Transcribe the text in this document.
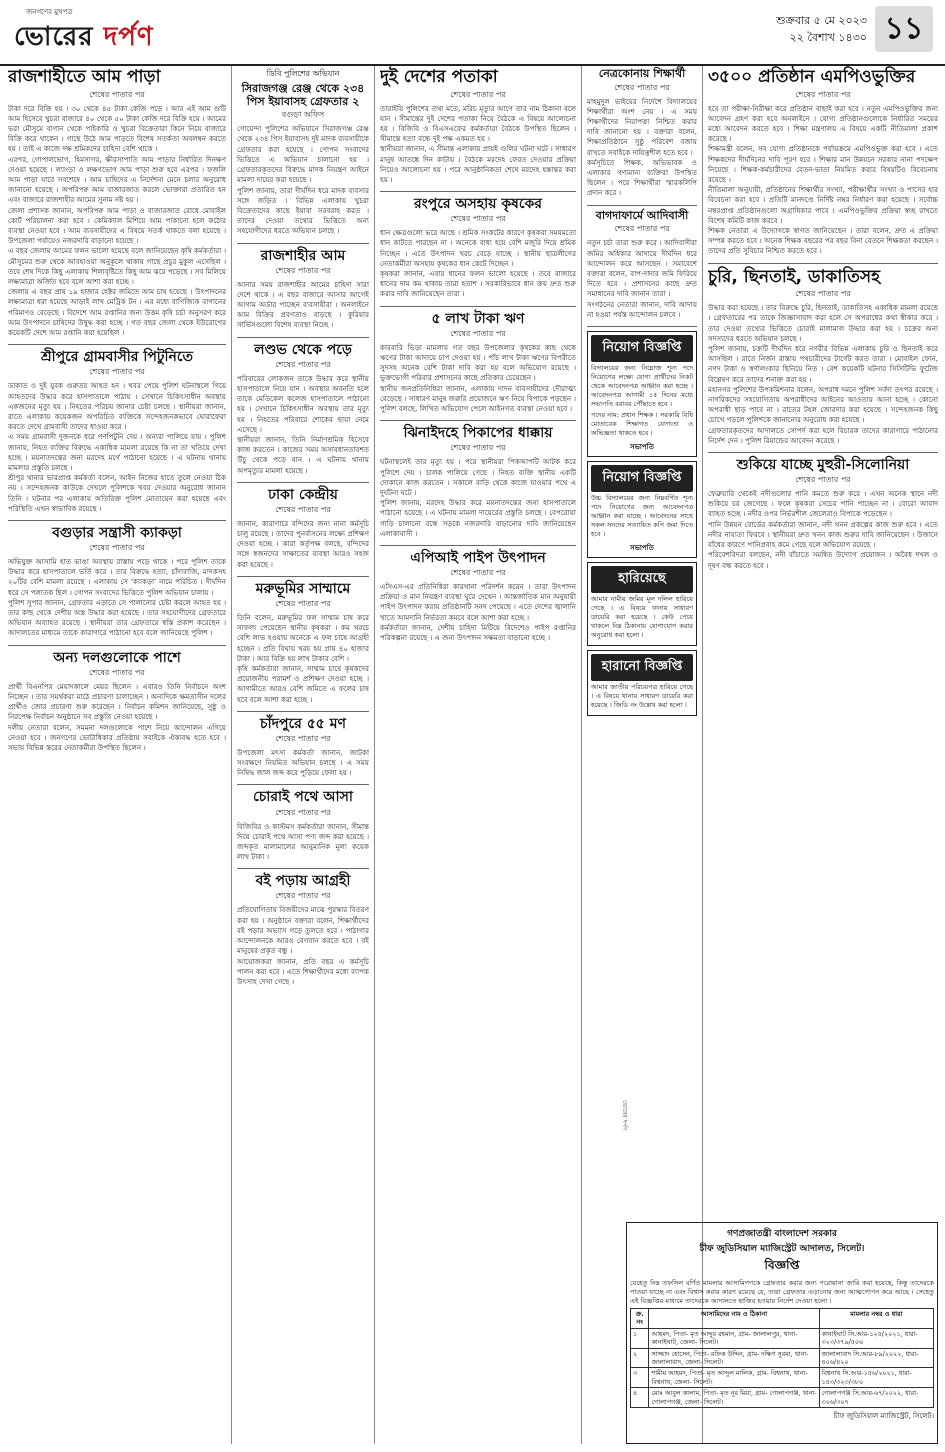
জনগণের মুখপত্র
ভোরের দর্পণ
শুক্রবার ৫ মে ২০২৩
২২ বৈশাখ ১৪৩০ ১১
রাজশাহীতে আম পাড়া
শেষের পাতার পর

টাকা দরে বিক্রি হয় । ৩০ থেকে ৪৫ টাকা কেজি পড়ে । আর এই আম গুটি আম হিসেবে খুচরা বাজারে ৪০ থেকে ৫০ টাকা কেজি দরে বিক্রি হয়ে । আমের ভরা মৌসুমে বাগান থেকে পাইকারি ও খুচরা বিক্রেতারা কিনে নিয়ে বাজারে বিক্রি করে থাকেন । গাছে উঠে আম পাড়তে বিশেষ সতর্কতা অবলম্বন করতে হয় । তাই এ কাজে দক্ষ শ্রমিকদের চাহিদা বেশি থাকে ।

এরপর, গোপালভোগ, হিমসাগর, ক্ষীরসাপাতি আম পাড়ার নির্ধারিত দিনক্ষণ দেওয়া হয়েছে । ল্যাংড়া ও লক্ষণভোগ আম পাড়া শুরু হবে এরপর । ফজলি আম পাড়া যাবে সবশেষে । আম চাষিদের এ নির্দেশনা মেনে চলার অনুরোধ জানানো হয়েছে । অপরিপক্ব আম বাজারজাত করলে ভোক্তারা প্রতারিত হন এবং বাজারে রাজশাহীর আমের সুনাম নষ্ট হয় ।

জেলা প্রশাসক জানান, অপরিপক্ব আম পাড়া ও বাজারজাত রোধে মোবাইল কোর্ট পরিচালনা করা হবে । কেমিক্যাল মিশিয়ে আম পাকানো হলে কঠোর ব্যবস্থা নেওয়া হবে । আম ব্যবসায়ীদের এ বিষয়ে সতর্ক থাকতে বলা হয়েছে । উপজেলা পর্যায়েও নজরদারি বাড়ানো হয়েছে ।

এ বছর জেলায় আমের ফলন ভালো হয়েছে বলে জানিয়েছেন কৃষি কর্মকর্তারা । মৌসুমের শুরু থেকে আবহাওয়া অনুকূলে থাকায় গাছে প্রচুর মুকুল এসেছিল । তবে শেষ দিকে কিছু এলাকায় শিলাবৃষ্টিতে কিছু আম ঝরে পড়েছে । সব মিলিয়ে লক্ষ্যমাত্রা অর্জিত হবে বলে আশা করা হচ্ছে ।

জেলায় এ বছর প্রায় ১৯ হাজার হেক্টর জমিতে আম চাষ হয়েছে । উৎপাদনের লক্ষ্যমাত্রা ধরা হয়েছে আড়াই লাখ মেট্রিক টন । এর মধ্যে বাণিজ্যিক বাগানের পরিমাণও বেড়েছে । বিদেশে আম রপ্তানির জন্য উত্তম কৃষি চর্চা অনুসরণ করে আম উৎপাদনে চাষিদের উদ্বুদ্ধ করা হচ্ছে । গত বছর জেলা থেকে ইউরোপের কয়েকটি দেশে আম রপ্তানি করা হয়েছিল ।

শ্রীপুরে গ্রামবাসীর পিটুনিতে
শেষের পাতার পর

ডাকাত ও দুই যুবক গুরুতর আহত হন । খবর পেয়ে পুলিশ ঘটনাস্থলে গিয়ে আহতদের উদ্ধার করে হাসপাতালে পাঠায় । সেখানে চিকিৎসাধীন অবস্থায় একজনের মৃত্যু হয় । নিহতের পরিচয় জানার চেষ্টা চলছে । স্থানীয়রা জানান, রাতে এলাকায় কয়েকজন অপরিচিত ব্যক্তিকে সন্দেহজনকভাবে ঘোরাফেরা করতে দেখে গ্রামবাসী তাদের ধাওয়া করে ।

এ সময় গ্রামবাসী দুজনকে ধরে গণপিটুনি দেয় । অন্যরা পালিয়ে যায় । পুলিশ জানায়, নিহত ব্যক্তির বিরুদ্ধে একাধিক মামলা রয়েছে কি না তা খতিয়ে দেখা হচ্ছে । ময়নাতদন্তের জন্য মরদেহ মর্গে পাঠানো হয়েছে । এ ঘটনায় থানায় মামলার প্রস্তুতি চলছে ।

শ্রীপুর থানার ভারপ্রাপ্ত কর্মকর্তা বলেন, আইন নিজের হাতে তুলে নেওয়া ঠিক নয় । সন্দেহজনক কাউকে দেখলে পুলিশকে খবর দেওয়ার অনুরোধ জানান তিনি । ঘটনার পর এলাকায় অতিরিক্ত পুলিশ মোতায়েন করা হয়েছে এবং পরিস্থিতি এখন স্বাভাবিক রয়েছে ।

বগুড়ার সন্ত্রাসী ক্যাকড়া
শেষের পাতার পর

অভিযুক্ত আসামি হাত ভাঙা অবস্থায় রাস্তায় পড়ে থাকে । পরে পুলিশ তাকে উদ্ধার করে হাসপাতালে ভর্তি করে । তার বিরুদ্ধে হত্যা, চাঁদাবাজি, মাদকসহ ২০টির বেশি মামলা রয়েছে । এলাকায় সে 'ক্যাকড়া' নামে পরিচিত । দীর্ঘদিন ধরে সে পলাতক ছিল । গোপন সংবাদের ভিত্তিতে পুলিশ অভিযান চালায় ।

পুলিশ সুপার জানান, গ্রেফতার এড়াতে সে পালানোর চেষ্টা করলে আহত হয় । তার কাছ থেকে দেশীয় অস্ত্র উদ্ধার করা হয়েছে । তার সহযোগীদের গ্রেফতারে অভিযান অব্যাহত রয়েছে । স্থানীয়রা তার গ্রেফতারে স্বস্তি প্রকাশ করেছেন । আদালতের মাধ্যমে তাকে কারাগারে পাঠানো হবে বলে জানিয়েছে পুলিশ ।

অন্য দলগুলোকে পাশে
শেষের পাতার পর

প্রার্থী বিএনপির মেয়াদকালে মেয়র ছিলেন । এবারও তিনি নির্বাচনে অংশ নিচ্ছেন । তার সমর্থকরা মাঠে প্রচারণা চালাচ্ছেন । অন্যদিকে ক্ষমতাসীন দলের প্রার্থীও জোর প্রচারণা শুরু করেছেন । নির্বাচন কমিশন জানিয়েছে, সুষ্ঠু ও নিরপেক্ষ নির্বাচন অনুষ্ঠানে সব প্রস্তুতি নেওয়া হয়েছে ।

দলীয় নেতারা বলেন, সমমনা দলগুলোকে পাশে নিয়ে আন্দোলন এগিয়ে নেওয়া হবে । জনগণের ভোটাধিকার প্রতিষ্ঠায় সবাইকে ঐক্যবদ্ধ হতে হবে । সভায় বিভিন্ন স্তরের নেতাকর্মীরা উপস্থিত ছিলেন ।

ডিবি পুলিশের অভিযান
সিরাজগঞ্জ রেঞ্জ থেকে ২৩৪ পিস ইয়াবাসহ গ্রেফতার ২
বগুড়া অফিস

গোয়েন্দা পুলিশের অভিযানে সিরাজগঞ্জ রেঞ্জ থেকে ২৩৪ পিস ইয়াবাসহ দুই মাদক ব্যবসায়ীকে গ্রেফতার করা হয়েছে । গোপন সংবাদের ভিত্তিতে এ অভিযান চালানো হয় । গ্রেফতারকৃতদের বিরুদ্ধে মাদক নিয়ন্ত্রণ আইনে মামলা দায়ের করা হয়েছে ।

পুলিশ জানায়, তারা দীর্ঘদিন ধরে মাদক ব্যবসার সঙ্গে জড়িত । বিভিন্ন এলাকায় খুচরা বিক্রেতাদের কাছে ইয়াবা সরবরাহ করত । তাদের দেওয়া তথ্যের ভিত্তিতে অন্য সহযোগীদের ধরতে অভিযান চলছে ।

রাজশাহীর আম
শেষের পাতার পর

আনার সময় রাজশাহীর আমের চাহিদা সারা দেশে থাকে । এ বছর বাজারে আসার আগেই আগাম অর্ডার পাচ্ছেন ব্যবসায়ীরা । অনলাইনে আম বিক্রির প্রবণতাও বাড়ছে । কুরিয়ার সার্ভিসগুলো বিশেষ ব্যবস্থা নিচ্ছে ।

লণ্ডভ থেকে পড়ে
শেষের পাতার পর

পরিবারের লোকজন তাকে উদ্ধার করে স্থানীয় হাসপাতালে নিয়ে যান । অবস্থার অবনতি হলে তাকে মেডিকেল কলেজ হাসপাতালে পাঠানো হয় । সেখানে চিকিৎসাধীন অবস্থায় তার মৃত্যু হয় । নিহতের পরিবারে শোকের ছায়া নেমে এসেছে ।

স্থানীয়রা জানান, তিনি নির্মাণশ্রমিক হিসেবে কাজ করতেন । কাজের সময় অসাবধানতাবশত উঁচু থেকে পড়ে যান । এ ঘটনায় থানায় অপমৃত্যুর মামলা হয়েছে ।

ঢাকা কেন্দ্রীয়
শেষের পাতার পর

জানান, কারাগারে বন্দিদের জন্য নানা কর্মসূচি চালু রয়েছে । তাদের পুনর্বাসনের লক্ষ্যে প্রশিক্ষণ দেওয়া হচ্ছে । কারা কর্তৃপক্ষ বলছে, বন্দিদের সঙ্গে স্বজনদের সাক্ষাতের ব্যবস্থা আরও সহজ করা হয়েছে ।

মরুভূমির সাম্মামে
শেষের পাতার পর

তিনি বলেন, মরুভূমির ফল সাম্মাম চাষ করে সাফল্য পেয়েছেন স্থানীয় কৃষকরা । কম খরচে বেশি লাভ হওয়ায় অনেকে এ ফল চাষে আগ্রহী হচ্ছেন । প্রতি বিঘায় খরচ হয় প্রায় ৪০ হাজার টাকা । আর বিক্রি হয় লাখ টাকার বেশি ।

কৃষি কর্মকর্তারা জানান, সাম্মাম চাষে কৃষকদের প্রয়োজনীয় পরামর্শ ও প্রশিক্ষণ দেওয়া হচ্ছে । আগামীতে আরও বেশি জমিতে এ ফলের চাষ হবে বলে আশা করা হচ্ছে ।

চাঁদপুরে ৫৫ মণ
শেষের পাতার পর

উপজেলা মৎস্য কর্মকর্তা জানান, জাটকা সংরক্ষণে নিয়মিত অভিযান চলছে । এ সময় নিষিদ্ধ জাল জব্দ করে পুড়িয়ে ফেলা হয় ।

চোরাই পথে আসা
শেষের পাতার পর

বিজিবির ও কাস্টমস কর্মকর্তারা জানান, সীমান্ত দিয়ে চোরাই পথে আসা পণ্য জব্দ করা হয়েছে । জব্দকৃত মালামালের আনুমানিক মূল্য কয়েক লাখ টাকা ।

বই পড়ায় আগ্রহী
শেষের পাতার পর

প্রতিযোগিতায় বিজয়ীদের মাঝে পুরস্কার বিতরণ করা হয় । অনুষ্ঠানে বক্তারা বলেন, শিক্ষার্থীদের বই পড়ার অভ্যাস গড়ে তুলতে হবে । পাঠাগার আন্দোলনকে আরও বেগবান করতে হবে । বই মানুষের প্রকৃত বন্ধু ।

আয়োজকরা জানান, প্রতি বছর এ কর্মসূচি পালন করা হবে । এতে শিক্ষার্থীদের মধ্যে ব্যাপক উৎসাহ দেখা গেছে ।

দুই দেশের পতাকা
শেষের পাতার পর

তারাইয়ি পুলিশের তথ্য মতে, মরিচ মৃত্যুর আগে তার নাম ঠিকানা বলে যান । সীমান্তের দুই দেশের পতাকা নিয়ে বৈঠকে এ বিষয়ে আলোচনা হয় । বিজিবি ও বিএসএফের কর্মকর্তারা বৈঠকে উপস্থিত ছিলেন । সীমান্তে হত্যা বন্ধে দুই পক্ষ একমত হয় ।

স্থানীয়রা জানান, এ সীমান্ত এলাকায় প্রায়ই গুলির ঘটনা ঘটে । সাধারণ মানুষ আতঙ্কে দিন কাটায় । বৈঠকে মরদেহ ফেরত দেওয়ার প্রক্রিয়া নিয়েও আলোচনা হয় । পরে আনুষ্ঠানিকতা শেষে মরদেহ হস্তান্তর করা হয় ।

রংপুরে অসহায় কৃষকের
শেষের পাতার পর

ধান ক্ষেত্রগুলো ভরে আছে । শ্রমিক সংকটের কারণে কৃষকরা সময়মতো ধান কাটতে পারছেন না । অনেকে বাধ্য হয়ে বেশি মজুরি দিয়ে শ্রমিক নিচ্ছেন । এতে উৎপাদন খরচ বেড়ে যাচ্ছে । স্থানীয় ছাত্রলীগের নেতাকর্মীরা অসহায় কৃষকের ধান কেটে দিচ্ছেন ।

কৃষকরা জানান, এবার ধানের ফলন ভালো হয়েছে । তবে বাজারে ধানের দাম কম থাকায় তারা হতাশ । সরকারিভাবে ধান ক্রয় দ্রুত শুরু করার দাবি জানিয়েছেন তারা ।

৫ লাখ টাকা ঋণ
শেষের পাতার পর

কারবারি ভিড়া মামলায় গত বছর উপজেলার কৃষকের কাছ থেকে ঋণের টাকা আদায়ে চাপ দেওয়া হয় । পাঁচ লাখ টাকা ঋণের বিপরীতে সুদসহ অনেক বেশি টাকা দাবি করা হয় বলে অভিযোগ রয়েছে । ভুক্তভোগী পরিবার প্রশাসনের কাছে প্রতিকার চেয়েছেন ।

স্থানীয় জনপ্রতিনিধিরা জানান, এলাকায় দাদন ব্যবসায়ীদের দৌরাত্ম্য বেড়েছে । সাধারণ মানুষ জরুরি প্রয়োজনে ঋণ নিয়ে বিপাকে পড়ছেন । পুলিশ বলছে, লিখিত অভিযোগ পেলে আইনগত ব্যবস্থা নেওয়া হবে ।

ঝিনাইদহে পিকাপের ধাক্কায়
শেষের পাতার পর

ঘটনাস্থলেই তার মৃত্যু হয় । পরে স্থানীয়রা পিকআপটি আটক করে পুলিশে দেয় । চালক পালিয়ে গেছে । নিহত ব্যক্তি স্থানীয় একটি দোকানে কাজ করতেন । সকালে বাড়ি থেকে কাজে যাওয়ার পথে এ দুর্ঘটনা ঘটে ।

পুলিশ জানায়, মরদেহ উদ্ধার করে ময়নাতদন্তের জন্য হাসপাতালে পাঠানো হয়েছে । এ ঘটনায় মামলা দায়েরের প্রস্তুতি চলছে । বেপরোয়া গাড়ি চালানো বন্ধে সড়কে নজরদারি বাড়ানোর দাবি জানিয়েছেন এলাকাবাসী ।

এপিআই পাইপ উৎপাদন
শেষের পাতার পর

এসিএস-এর প্রতিনিধিরা কারখানা পরিদর্শন করেন । তারা উৎপাদন প্রক্রিয়া ও মান নিয়ন্ত্রণ ব্যবস্থা ঘুরে দেখেন । আন্তর্জাতিক মান অনুযায়ী পাইপ উৎপাদন করায় প্রতিষ্ঠানটি সনদ পেয়েছে । এতে দেশের জ্বালানি খাতে আমদানি নির্ভরতা কমবে বলে আশা করা হচ্ছে ।

কর্মকর্তারা জানান, দেশীয় চাহিদা মিটিয়ে বিদেশেও পাইপ রপ্তানির পরিকল্পনা রয়েছে । এ জন্য উৎপাদন সক্ষমতা বাড়ানো হচ্ছে ।

নেত্রকোনায় শিক্ষার্থী
শেষের পাতার পর

মাহমুদুল ভাইয়ের নির্দেশে বিদ্যালয়ের শিক্ষার্থীরা অংশ নেয় । এ সময় শিক্ষার্থীদের নিরাপত্তা নিশ্চিত করার দাবি জানানো হয় । বক্তারা বলেন, শিক্ষাপ্রতিষ্ঠানে সুষ্ঠু পরিবেশ বজায় রাখতে সবাইকে দায়িত্বশীল হতে হবে ।

কর্মসূচিতে শিক্ষক, অভিভাবক ও এলাকার গণ্যমান্য ব্যক্তিরা উপস্থিত ছিলেন । পরে শিক্ষার্থীরা স্মারকলিপি প্রদান করে ।

বাগদাফার্মে আদিবাসী
শেষের পাতার পর

নতুন চর্চা তারা শুরু করে । আদিবাসীরা জমির অধিকার আদায়ে দীর্ঘদিন ধরে আন্দোলন করে আসছেন । সমাবেশে বক্তারা বলেন, বাপ-দাদার জমি ফিরিয়ে দিতে হবে । প্রশাসনের কাছে দ্রুত সমাধানের দাবি জানান তারা ।

সংগঠনের নেতারা জানান, দাবি আদায় না হওয়া পর্যন্ত আন্দোলন চলবে ।

নিয়োগ বিজ্ঞপ্তি

বিদ্যালয়ের জন্য নিম্নোক্ত শূন্য পদে নিয়োগের লক্ষ্যে যোগ্য প্রার্থীদের নিকট থেকে আবেদনপত্র আহ্বান করা হচ্ছে । আবেদনপত্র আগামী ১৫ দিনের মধ্যে সভাপতি বরাবর পৌঁছাতে হবে ।

পদের নাম: প্রধান শিক্ষক । সরকারি বিধি মোতাবেক শিক্ষাগত যোগ্যতা ও অভিজ্ঞতা থাকতে হবে ।

সভাপতি
নিয়োগ বিজ্ঞপ্তি

উচ্চ বিদ্যালয়ের জন্য নিম্নবর্ণিত শূন্য পদে নিয়োগের জন্য আবেদনপত্র আহ্বান করা যাচ্ছে । আবেদনের সাথে সকল সনদের সত্যায়িত কপি জমা দিতে হবে ।

সভাপতি
হারিয়েছে

আমার নামীয় জমির মূল দলিল হারিয়ে গেছে । এ বিষয়ে থানায় সাধারণ ডায়েরি করা হয়েছে । কেউ পেয়ে থাকলে নিম্ন ঠিকানায় যোগাযোগ করার অনুরোধ করা হলো ।

হারানো বিজ্ঞপ্তি

আমার জাতীয় পরিচয়পত্র হারিয়ে গেছে । এ বিষয়ে থানায় সাধারণ ডায়েরি করা হয়েছে । জিডি নং উল্লেখ করা হলো ।

৩৫০০ প্রতিষ্ঠান এমপিওভুক্তির
শেষের পাতার পর

হবে তা পরীক্ষা-নিরীক্ষা করে প্রতিষ্ঠান বাছাই করা হবে । নতুন এমপিওভুক্তির জন্য আবেদন গ্রহণ করা হবে অনলাইনে । যোগ্য প্রতিষ্ঠানগুলোকে নির্ধারিত সময়ের মধ্যে আবেদন করতে হবে । শিক্ষা মন্ত্রণালয় এ বিষয়ে একটি নীতিমালা প্রকাশ করেছে ।

শিক্ষামন্ত্রী বলেন, সব যোগ্য প্রতিষ্ঠানকে পর্যায়ক্রমে এমপিওভুক্ত করা হবে । এতে শিক্ষকদের দীর্ঘদিনের দাবি পূরণ হবে । শিক্ষার মান উন্নয়নে সরকার নানা পদক্ষেপ নিয়েছে । শিক্ষক-কর্মচারীদের বেতন-ভাতা নিয়মিত করার বিষয়টিও বিবেচনায় রয়েছে ।

নীতিমালা অনুযায়ী, প্রতিষ্ঠানের শিক্ষার্থীর সংখ্যা, পরীক্ষার্থীর সংখ্যা ও পাসের হার বিবেচনা করা হবে । প্রতিটি মানদণ্ডে নির্দিষ্ট নম্বর নির্ধারণ করা হয়েছে । সর্বোচ্চ নম্বরপ্রাপ্ত প্রতিষ্ঠানগুলো অগ্রাধিকার পাবে । এমপিওভুক্তির প্রক্রিয়া স্বচ্ছ রাখতে বিশেষ কমিটি কাজ করবে ।

শিক্ষক নেতারা এ উদ্যোগকে স্বাগত জানিয়েছেন । তারা বলেন, দ্রুত এ প্রক্রিয়া সম্পন্ন করতে হবে । অনেক শিক্ষক বছরের পর বছর বিনা বেতনে শিক্ষকতা করছেন । তাদের প্রতি সুবিচার নিশ্চিত করতে হবে ।

চুরি, ছিনতাই, ডাকাতিসহ
শেষের পাতার পর

উদ্ধার করা হয়েছে । তার বিরুদ্ধে চুরি, ছিনতাই, ডাকাতিসহ একাধিক মামলা রয়েছে । গ্রেফতারের পর তাকে জিজ্ঞাসাবাদ করা হলে সে অপরাধের কথা স্বীকার করে । তার দেওয়া তথ্যের ভিত্তিতে চোরাই মালামাল উদ্ধার করা হয় । চক্রের অন্য সদস্যদের ধরতে অভিযান চলছে ।

পুলিশ জানায়, চক্রটি দীর্ঘদিন ধরে নগরীর বিভিন্ন এলাকায় চুরি ও ছিনতাই করে আসছিল । রাতে নির্জন রাস্তায় পথচারীদের টার্গেট করত তারা । মোবাইল ফোন, নগদ টাকা ও স্বর্ণালংকার ছিনিয়ে নিত । বেশ কয়েকটি ঘটনার সিসিটিভি ফুটেজ বিশ্লেষণ করে তাদের শনাক্ত করা হয় ।

মহানগর পুলিশের উপকমিশনার বলেন, অপরাধ দমনে পুলিশ সর্বদা তৎপর রয়েছে । নাগরিকদের সহযোগিতায় অপরাধীদের আইনের আওতায় আনা হচ্ছে । কোনো অপরাধী ছাড় পাবে না । রাতের টহল জোরদার করা হয়েছে । সন্দেহজনক কিছু চোখে পড়লে পুলিশকে জানানোর অনুরোধ করা হয়েছে ।

গ্রেফতারকৃতদের আদালতে সোপর্দ করা হলে বিচারক তাদের কারাগারে পাঠানোর নির্দেশ দেন । পুলিশ রিমান্ডের আবেদন করেছে ।

শুকিয়ে যাচ্ছে মুহুরী-সিলোনিয়া
শেষের পাতার পর

ফেব্রুয়ারি থেকেই নদীগুলোর পানি কমতে শুরু করে । এখন অনেক স্থানে নদী শুকিয়ে চর জেগেছে । ফলে কৃষকরা সেচের পানি পাচ্ছেন না । বোরো আবাদ ব্যাহত হচ্ছে । নদীর ওপর নির্ভরশীল জেলেরাও বিপাকে পড়েছেন ।

পানি উন্নয়ন বোর্ডের কর্মকর্তারা জানান, নদী খনন প্রকল্পের কাজ শুরু হবে । এতে নদীর নাব্যতা ফিরবে । স্থানীয়রা দ্রুত খনন কাজ শুরুর দাবি জানিয়েছেন । উজানে বাঁধের কারণে পানিপ্রবাহ কমে গেছে বলে অভিযোগ রয়েছে ।

পরিবেশবিদরা বলছেন, নদী বাঁচাতে সমন্বিত উদ্যোগ প্রয়োজন । অবৈধ দখল ও দূষণ বন্ধ করতে হবে ।

গণপ্রজাতন্ত্রী বাংলাদেশ সরকার
চীফ জুডিসিয়াল ম্যাজিস্ট্রেট আদালত, সিলেট।
বিজ্ঞপ্তি

যেহেতু নিম্ন তফসিল বর্ণিত মামলার আসামিগণকে গ্রেফতার করার জন্য পরোয়ানা জারি করা হয়েছে, কিন্তু তাদেরকে পাওয়া যাচ্ছে না এবং বিশ্বাস করার কারণ রয়েছে যে, তারা গ্রেফতার এড়ানোর জন্য আত্মগোপন করে আছে । সেহেতু এই বিজ্ঞপ্তির মাধ্যমে তাদেরকে আদালতে হাজির হওয়ার নির্দেশ দেওয়া হলো ।

ক্র. নং	আসামিদের নাম ও ঠিকানা	মামলার নম্বর ও ধারা
১	আহমদ, পিতা- মৃত আব্দুর রহমান, গ্রাম- জালালপুর, থানা- কানাইঘাট, জেলা- সিলেট।	কানাইঘাট সি.আর-১২৫/২০২১, ধারা- ৩২৩/৩৭৯/৫০৬
২	সাজ্জাদ হোসেন, পিতা- রফিক উদ্দিন, গ্রাম- দক্ষিণ সুরমা, থানা- জালালাবাদ, জেলা- সিলেট।	জালালাবাদ সি.আর-৮৯/২০২২, ধারা- ৪০৬/৪২০
৩	শামীম আহমদ, পিতা- মৃত আব্দুল মালিক, গ্রাম- বিশ্বনাথ, থানা- বিশ্বনাথ, জেলা- সিলেট।	বিশ্বনাথ সি.আর-১৫৬/২০২১, ধারা- ১৪৩/৩২৩/৩৮০
৪	মোঃ আবুল কালাম, পিতা- মৃত নূর মিয়া, গ্রাম- গোলাপগঞ্জ, থানা- গোলাপগঞ্জ, জেলা- সিলেট।	গোলাপগঞ্জ সি.আর-৬৭/২০২২, ধারা- ৩২৬/৩০৭
চীফ জুডিসিয়াল ম্যাজিস্ট্রেট, সিলেট।
ভোরের দর্পণ
